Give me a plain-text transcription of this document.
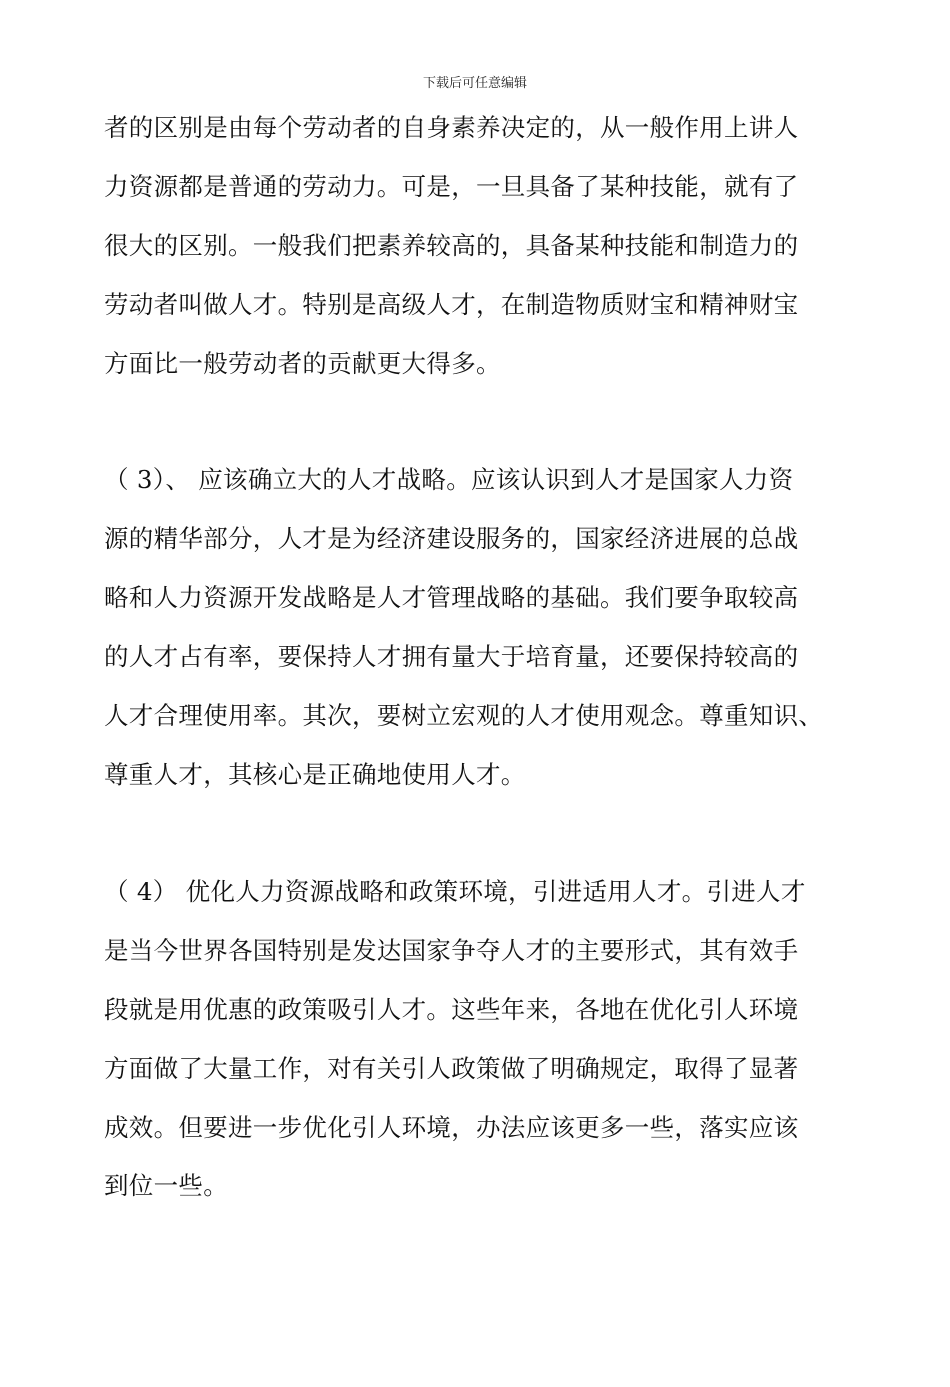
下载后可任意编辑
者的区别是由每个劳动者的自身素养决定的，从一般作用上讲人
力资源都是普通的劳动力。可是，一旦具备了某种技能，就有了
很大的区别。一般我们把素养较高的，具备某种技能和制造力的
劳动者叫做人才。特别是高级人才，在制造物质财宝和精神财宝
方面比一般劳动者的贡献更大得多。
（ 3）、 应该确立大的人才战略。应该认识到人才是国家人力资
源的精华部分，人才是为经济建设服务的，国家经济进展的总战
略和人力资源开发战略是人才管理战略的基础。我们要争取较高
的人才占有率，要保持人才拥有量大于培育量，还要保持较高的
人才合理使用率。其次，要树立宏观的人才使用观念。尊重知识、
尊重人才，其核心是正确地使用人才。
（ 4） 优化人力资源战略和政策环境，引进适用人才。引进人才
是当今世界各国特别是发达国家争夺人才的主要形式，其有效手
段就是用优惠的政策吸引人才。这些年来，各地在优化引人环境
方面做了大量工作，对有关引人政策做了明确规定，取得了显著
成效。但要进一步优化引人环境，办法应该更多一些，落实应该
到位一些。
